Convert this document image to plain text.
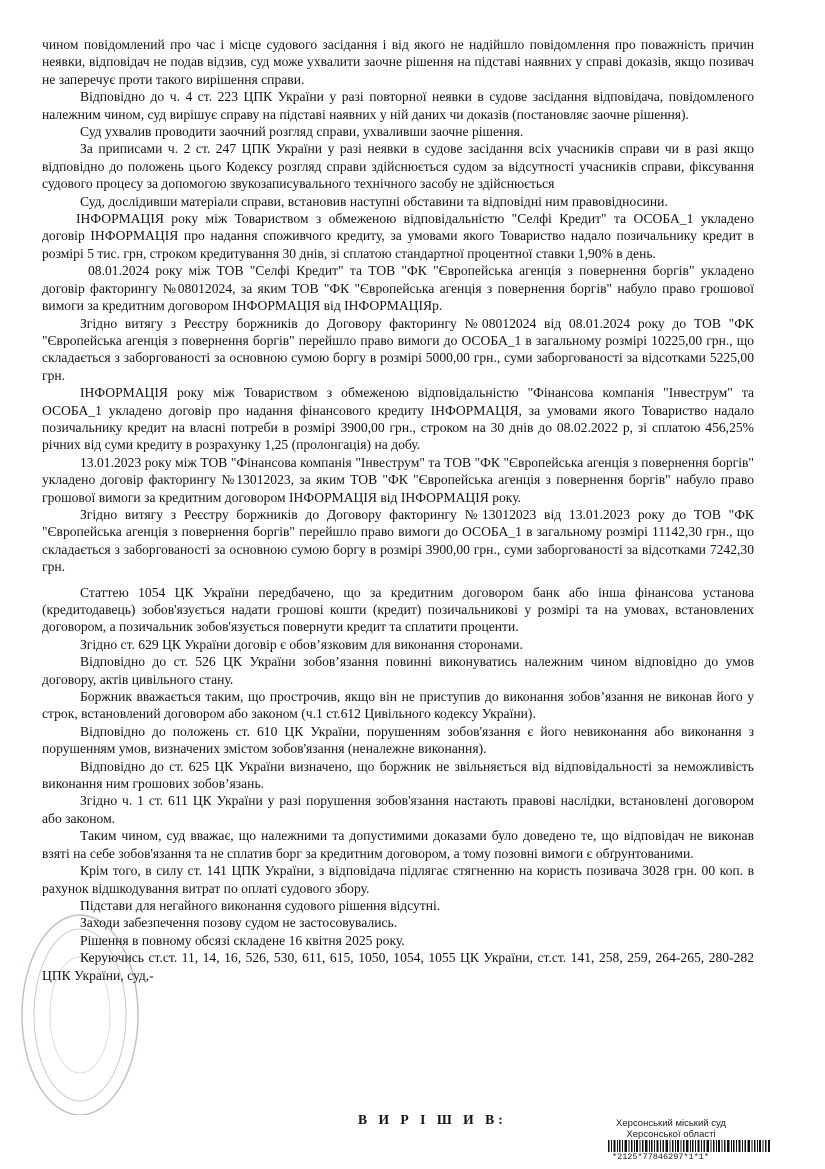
чином повідомлений про час і місце судового засідання і від якого не надійшло повідомлення про поважність причин неявки, відповідач не подав відзив, суд може ухвалити заочне рішення на підставі наявних у справі доказів, якщо позивач не заперечує проти такого вирішення справи.

Відповідно до ч. 4 ст. 223 ЦПК України у разі повторної неявки в судове засідання відповідача, повідомленого належним чином, суд вирішує справу на підставі наявних у ній даних чи доказів (постановляє заочне рішення).

Суд ухвалив проводити заочний розгляд справи, ухваливши заочне рішення.

За приписами ч. 2 ст. 247 ЦПК України у разі неявки в судове засідання всіх учасників справи чи в разі якщо відповідно до положень цього Кодексу розгляд справи здійснюється судом за відсутності учасників справи, фіксування судового процесу за допомогою звукозаписувального технічного засобу не здійснюється

Суд, дослідивши матеріали справи, встановив наступні обставини та відповідні ним правовідносини.

ІНФОРМАЦІЯ року між Товариством з обмеженою відповідальністю "Селфі Кредит" та ОСОБА_1 укладено договір ІНФОРМАЦІЯ про надання споживчого кредиту, за умовами якого Товариство надало позичальнику кредит в розмірі 5 тис. грн, строком кредитування 30 днів, зі сплатою стандартної процентної ставки 1,90% в день.

08.01.2024 року між ТОВ "Селфі Кредит" та ТОВ "ФК "Європейська агенція з повернення боргів" укладено договір факторингу №08012024, за яким ТОВ "ФК "Європейська агенція з повернення боргів" набуло право грошової вимоги за кредитним договором ІНФОРМАЦІЯ від ІНФОРМАЦІЯр.

Згідно витягу з Реєстру боржників до Договору факторингу №08012024 від 08.01.2024 року до ТОВ "ФК "Європейська агенція з повернення боргів" перейшло право вимоги до ОСОБА_1 в загальному розмірі 10225,00 грн., що складається з заборгованості за основною сумою боргу в розмірі 5000,00 грн., суми заборгованості за відсотками 5225,00 грн.

ІНФОРМАЦІЯ року між Товариством з обмеженою відповідальністю "Фінансова компанія "Інвеструм" та ОСОБА_1 укладено договір про надання фінансового кредиту ІНФОРМАЦІЯ, за умовами якого Товариство надало позичальнику кредит на власні потреби в розмірі 3900,00 грн., строком на 30 днів до 08.02.2022 р, зі сплатою 456,25% річних від суми кредиту в розрахунку 1,25 (пролонгація) на добу.

13.01.2023 року між ТОВ "Фінансова компанія "Інвеструм" та ТОВ "ФК "Європейська агенція з повернення боргів" укладено договір факторингу №13012023, за яким ТОВ "ФК "Європейська агенція з повернення боргів" набуло право грошової вимоги за кредитним договором ІНФОРМАЦІЯ від ІНФОРМАЦІЯ року.

Згідно витягу з Реєстру боржників до Договору факторингу №13012023 від 13.01.2023 року до ТОВ "ФК "Європейська агенція з повернення боргів" перейшло право вимоги до ОСОБА_1 в загальному розмірі 11142,30 грн., що складається з заборгованості за основною сумою боргу в розмірі 3900,00 грн., суми заборгованості за відсотками 7242,30 грн.

Статтею 1054 ЦК України передбачено, що за кредитним договором банк або інша фінансова установа (кредитодавець) зобов'язується надати грошові кошти (кредит) позичальникові у розмірі та на умовах, встановлених договором, а позичальник зобов'язується повернути кредит та сплатити проценти.

Згідно ст. 629 ЦК України договір є обов’язковим для виконання сторонами.

Відповідно до ст. 526 ЦК України зобов’язання повинні виконуватись належним чином відповідно до умов договору, актів цивільного стану.

Боржник вважається таким, що прострочив, якщо він не приступив до виконання зобов’язання не виконав його у строк, встановлений договором або законом (ч.1 ст.612 Цивільного кодексу України).

Відповідно до положень ст. 610 ЦК України, порушенням зобов'язання є його невиконання або виконання з порушенням умов, визначених змістом зобов'язання (неналежне виконання).

Відповідно до ст. 625 ЦК України визначено, що боржник не звільняється від відповідальності за неможливість виконання ним грошових зобов’язань.

Згідно ч. 1 ст. 611 ЦК України у разі порушення зобов'язання настають правові наслідки, встановлені договором або законом.

Таким чином, суд вважає, що належними та допустимими доказами було доведено те, що відповідач не виконав взяті на себе зобов'язання та не сплатив борг за кредитним договором, а тому позовні вимоги є обґрунтованими.

Крім того, в силу ст. 141 ЦПК України, з відповідача підлягає стягненню на користь позивача 3028 грн. 00 коп. в рахунок відшкодування витрат по оплаті судового збору.

Підстави для негайного виконання судового рішення відсутні.

Заходи забезпечення позову судом не застосовувались.

Рішення в повному обсязі складене 16 квітня 2025 року.

Керуючись ст.ст. 11, 14, 16, 526, 530, 611, 615, 1050, 1054, 1055 ЦК України, ст.ст. 141, 258, 259, 264-265, 280-282 ЦПК України, суд,-

В И Р І Ш И В:	Херсонський міський суд
Херсонської області
*2125*77846297*1*1*
